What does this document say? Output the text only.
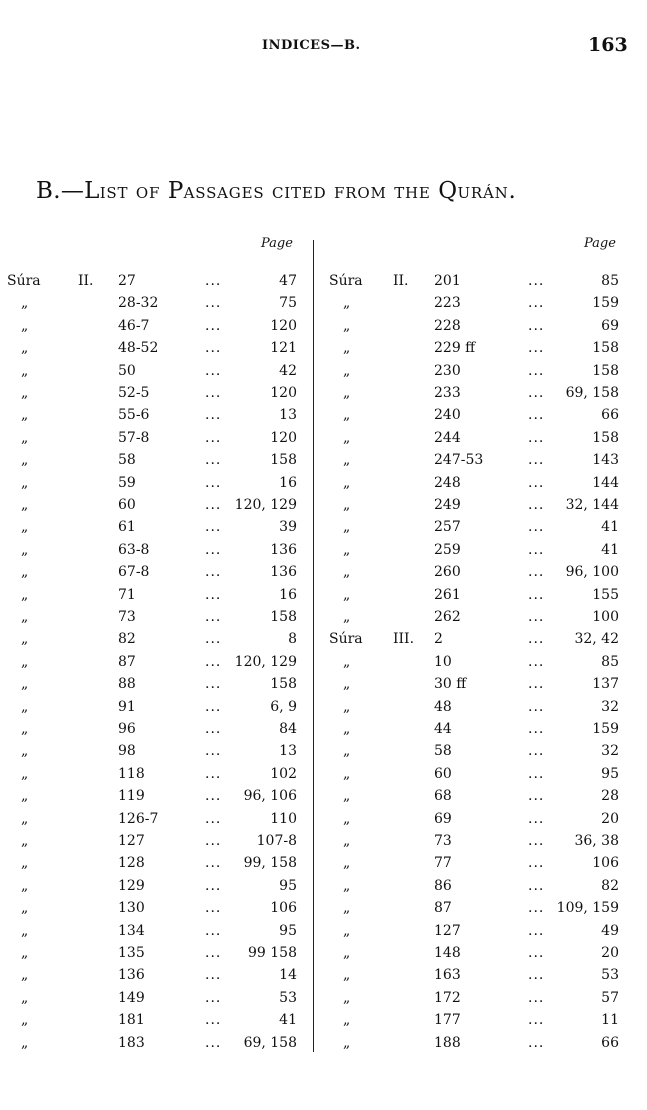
INDICES—B.	163
B.—LIST OF PASSAGES CITED FROM THE QURÁN.
Page	Page
Súra	II. 27	...	47
„	28-32	...	75
„	46-7	...	120
„	48-52	...	121
„	50	...	42
„	52-5	...	120
„	55-6	...	13
„	57-8	...	120
„	58	...	158
„	59	...	16
„	60	... 120, 129
„	61	...	39
„	63-8	...	136
„	67-8	...	136
„	71	...	16
„	73	...	158
„	82	...	8
„	87	... 120, 129
„	88	...	158
„	91	...	6, 9
„	96	...	84
„	98	...	13
„	118	...	102
„	119	... 96, 106
„	126-7	...	110
„	127	...	107-8
„	128	... 99, 158
„	129	...	95
„	130	...	106
„	134	...	95
„	135	... 99 158
„	136	...	14
„	149	...	53
„	181	...	41
„	183	... 69, 158
Súra II. 201	...	85
„	223	...	159
„	228	...	69
„	229 ff	...	158
„	230	...	158
„	233	... 69, 158
„	240	...	66
„	244	...	158
„	247-53	...	143
„	248	...	144
„	249	... 32, 144
„	257	...	41
„	259	...	41
„	260	... 96, 100
„	261	...	155
„	262	...	100
Súra III. 2	... 32, 42
„	10	...	85
„	30 ff	...	137
„	48	...	32
„	44	...	159
„	58	...	32
„	60	...	95
„	68	...	28
„	69	...	20
„	73	... 36, 38
„	77	...	106
„	86	...	82
„	87	... 109, 159
„	127	...	49
„	148	...	20
„	163	...	53
„	172	...	57
„	177	...	11
„	188	...	66
